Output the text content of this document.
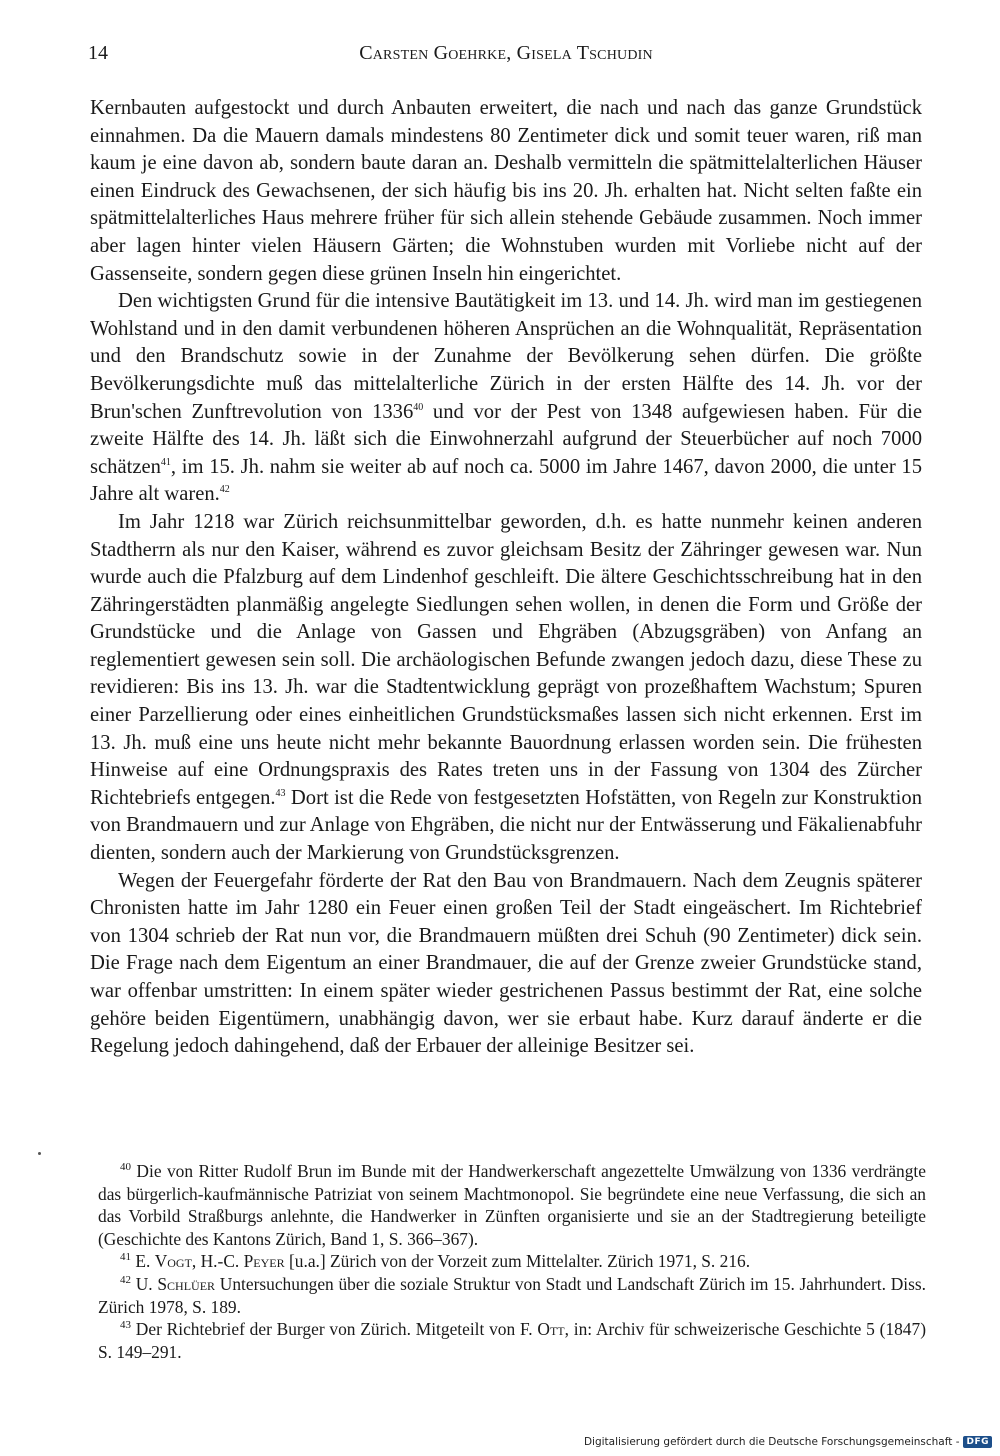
14	Carsten Goehrke, Gisela Tschudin

Kernbauten aufgestockt und durch Anbauten erweitert, die nach und nach das ganze Grundstück einnahmen. Da die Mauern damals mindestens 80 Zentimeter dick und somit teuer waren, riß man kaum je eine davon ab, sondern baute daran an. Deshalb vermitteln die spätmittelalterlichen Häuser einen Eindruck des Gewachsenen, der sich häufig bis ins 20. Jh. erhalten hat. Nicht selten faßte ein spätmittelalterliches Haus mehrere früher für sich allein stehende Gebäude zusammen. Noch immer aber lagen hinter vielen Häusern Gärten; die Wohnstuben wurden mit Vorliebe nicht auf der Gassenseite, sondern gegen diese grünen Inseln hin eingerichtet.

Den wichtigsten Grund für die intensive Bautätigkeit im 13. und 14. Jh. wird man im gestiegenen Wohlstand und in den damit verbundenen höheren Ansprüchen an die Wohnqualität, Repräsentation und den Brandschutz sowie in der Zunahme der Bevölkerung sehen dürfen. Die größte Bevölkerungsdichte muß das mittelalterliche Zürich in der ersten Hälfte des 14. Jh. vor der Brun'schen Zunftrevolution von 1336$^{40}$ und vor der Pest von 1348 aufgewiesen haben. Für die zweite Hälfte des 14. Jh. läßt sich die Einwohnerzahl aufgrund der Steuerbücher auf noch 7000 schätzen$^{41}$, im 15. Jh. nahm sie weiter ab auf noch ca. 5000 im Jahre 1467, davon 2000, die unter 15 Jahre alt waren.$^{42}$

Im Jahr 1218 war Zürich reichsunmittelbar geworden, d.h. es hatte nunmehr keinen anderen Stadtherrn als nur den Kaiser, während es zuvor gleichsam Besitz der Zähringer gewesen war. Nun wurde auch die Pfalzburg auf dem Lindenhof geschleift. Die ältere Geschichtsschreibung hat in den Zähringerstädten planmäßig angelegte Siedlungen sehen wollen, in denen die Form und Größe der Grundstücke und die Anlage von Gassen und Ehgräben (Abzugsgräben) von Anfang an reglementiert gewesen sein soll. Die archäologischen Befunde zwangen jedoch dazu, diese These zu revidieren: Bis ins 13. Jh. war die Stadtentwicklung geprägt von prozeßhaftem Wachstum; Spuren einer Parzellierung oder eines einheitlichen Grundstücksmaßes lassen sich nicht erkennen. Erst im 13. Jh. muß eine uns heute nicht mehr bekannte Bauordnung erlassen worden sein. Die frühesten Hinweise auf eine Ordnungspraxis des Rates treten uns in der Fassung von 1304 des Zürcher Richtebriefs entgegen.$^{43}$ Dort ist die Rede von festgesetzten Hofstätten, von Regeln zur Konstruktion von Brandmauern und zur Anlage von Ehgräben, die nicht nur der Entwässerung und Fäkalienabfuhr dienten, sondern auch der Markierung von Grundstücksgrenzen.

Wegen der Feuergefahr förderte der Rat den Bau von Brandmauern. Nach dem Zeugnis späterer Chronisten hatte im Jahr 1280 ein Feuer einen großen Teil der Stadt eingeäschert. Im Richtebrief von 1304 schrieb der Rat nun vor, die Brandmauern müßten drei Schuh (90 Zentimeter) dick sein. Die Frage nach dem Eigentum an einer Brandmauer, die auf der Grenze zweier Grundstücke stand, war offenbar umstritten: In einem später wieder gestrichenen Passus bestimmt der Rat, eine solche gehöre beiden Eigentümern, unabhängig davon, wer sie erbaut habe. Kurz darauf änderte er die Regelung jedoch dahingehend, daß der Erbauer der alleinige Besitzer sei.

$^{40}$ Die von Ritter Rudolf Brun im Bunde mit der Handwerkerschaft angezettelte Umwälzung von 1336 verdrängte das bürgerlich-kaufmännische Patriziat von seinem Machtmonopol. Sie begründete eine neue Verfassung, die sich an das Vorbild Straßburgs anlehnte, die Handwerker in Zünften organisierte und sie an der Stadtregierung beteiligte (Geschichte des Kantons Zürich, Band 1, S. 366–367).

$^{41}$ E. Vogt, H.-C. Peyer [u.a.] Zürich von der Vorzeit zum Mittelalter. Zürich 1971, S. 216.

$^{42}$ U. Schlüer Untersuchungen über die soziale Struktur von Stadt und Landschaft Zürich im 15. Jahrhundert. Diss. Zürich 1978, S. 189.

$^{43}$ Der Richtebrief der Burger von Zürich. Mitgeteilt von F. Ott, in: Archiv für schweizerische Geschichte 5 (1847) S. 149–291.

Digitalisierung gefördert durch die Deutsche Forschungsgemeinschaft - DFG
